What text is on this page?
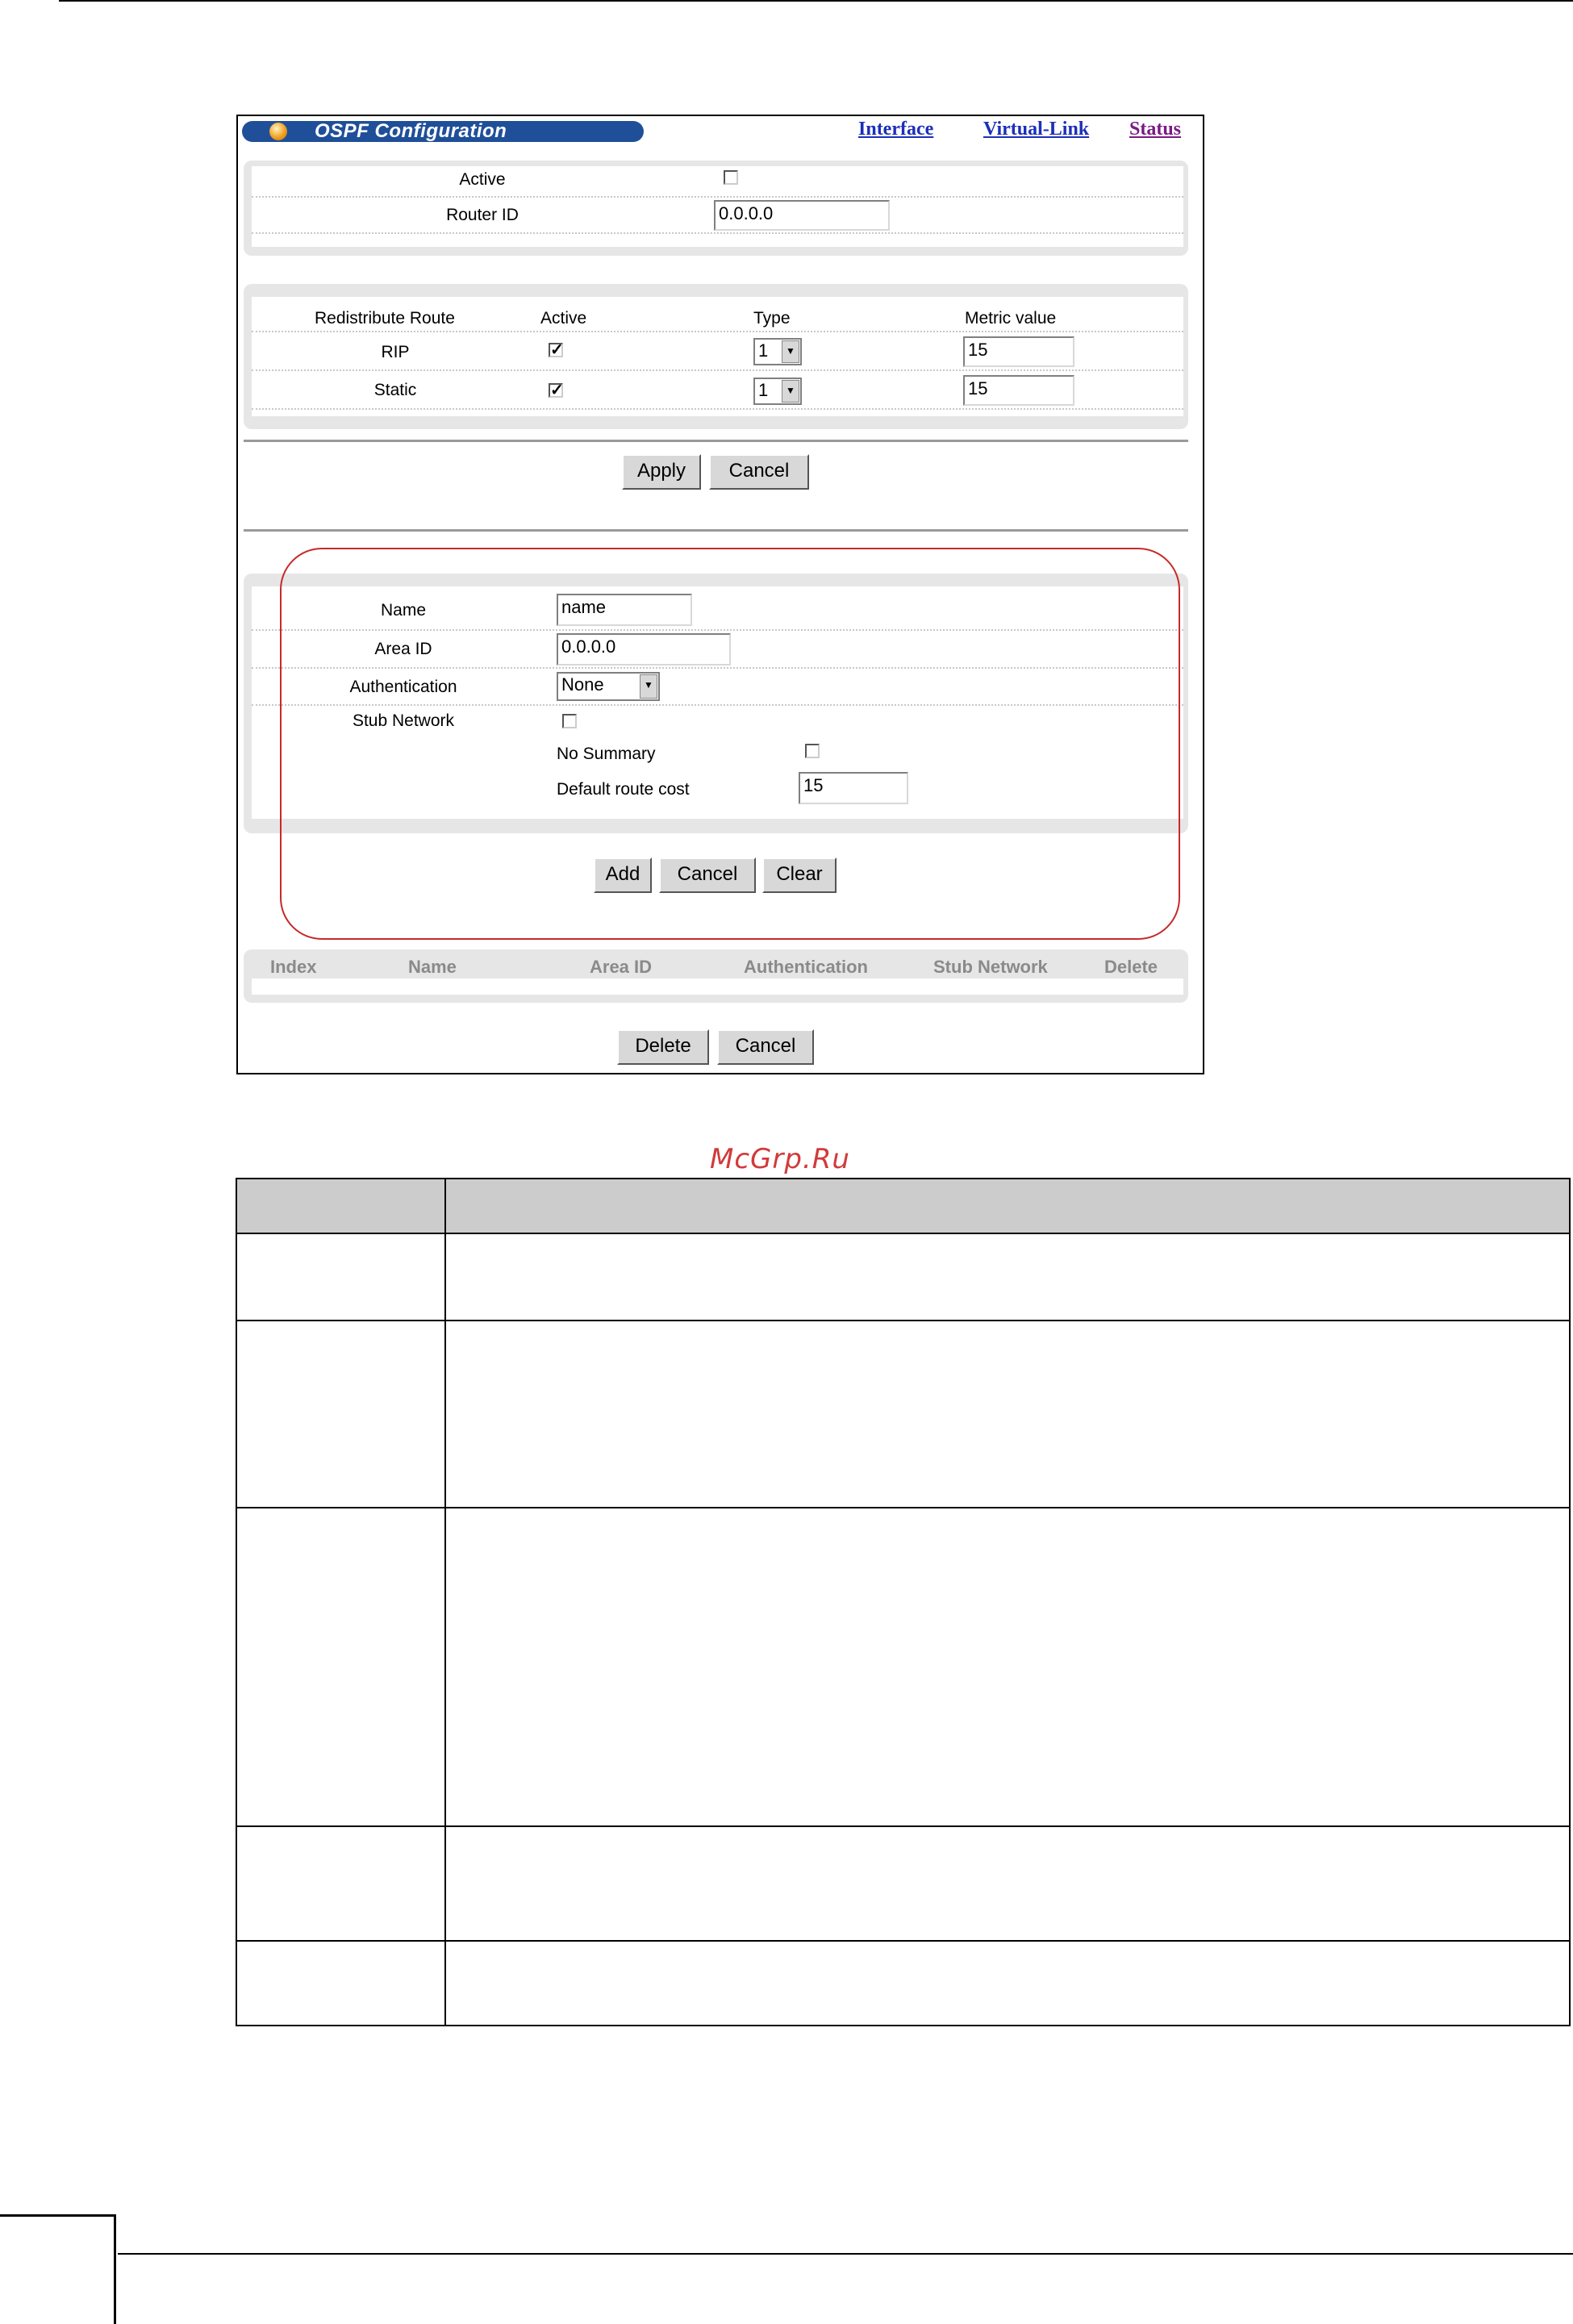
OSPF Configuration	Interface	Virtual-Link Status
Active
Router ID	0.0.0.0
Redistribute Route	Active	Type	Metric value
RIP	✓	1	▼	15
Static	✓	1	▼	15
Apply	Cancel
Name	name
Area ID	0.0.0.0
Authentication	None	▼
Stub Network
No Summary
Default route cost	15
Add	Cancel	Clear
Index	Name	Area ID	Authentication	Stub Network	Delete
Delete	Cancel
McGrp.Ru
